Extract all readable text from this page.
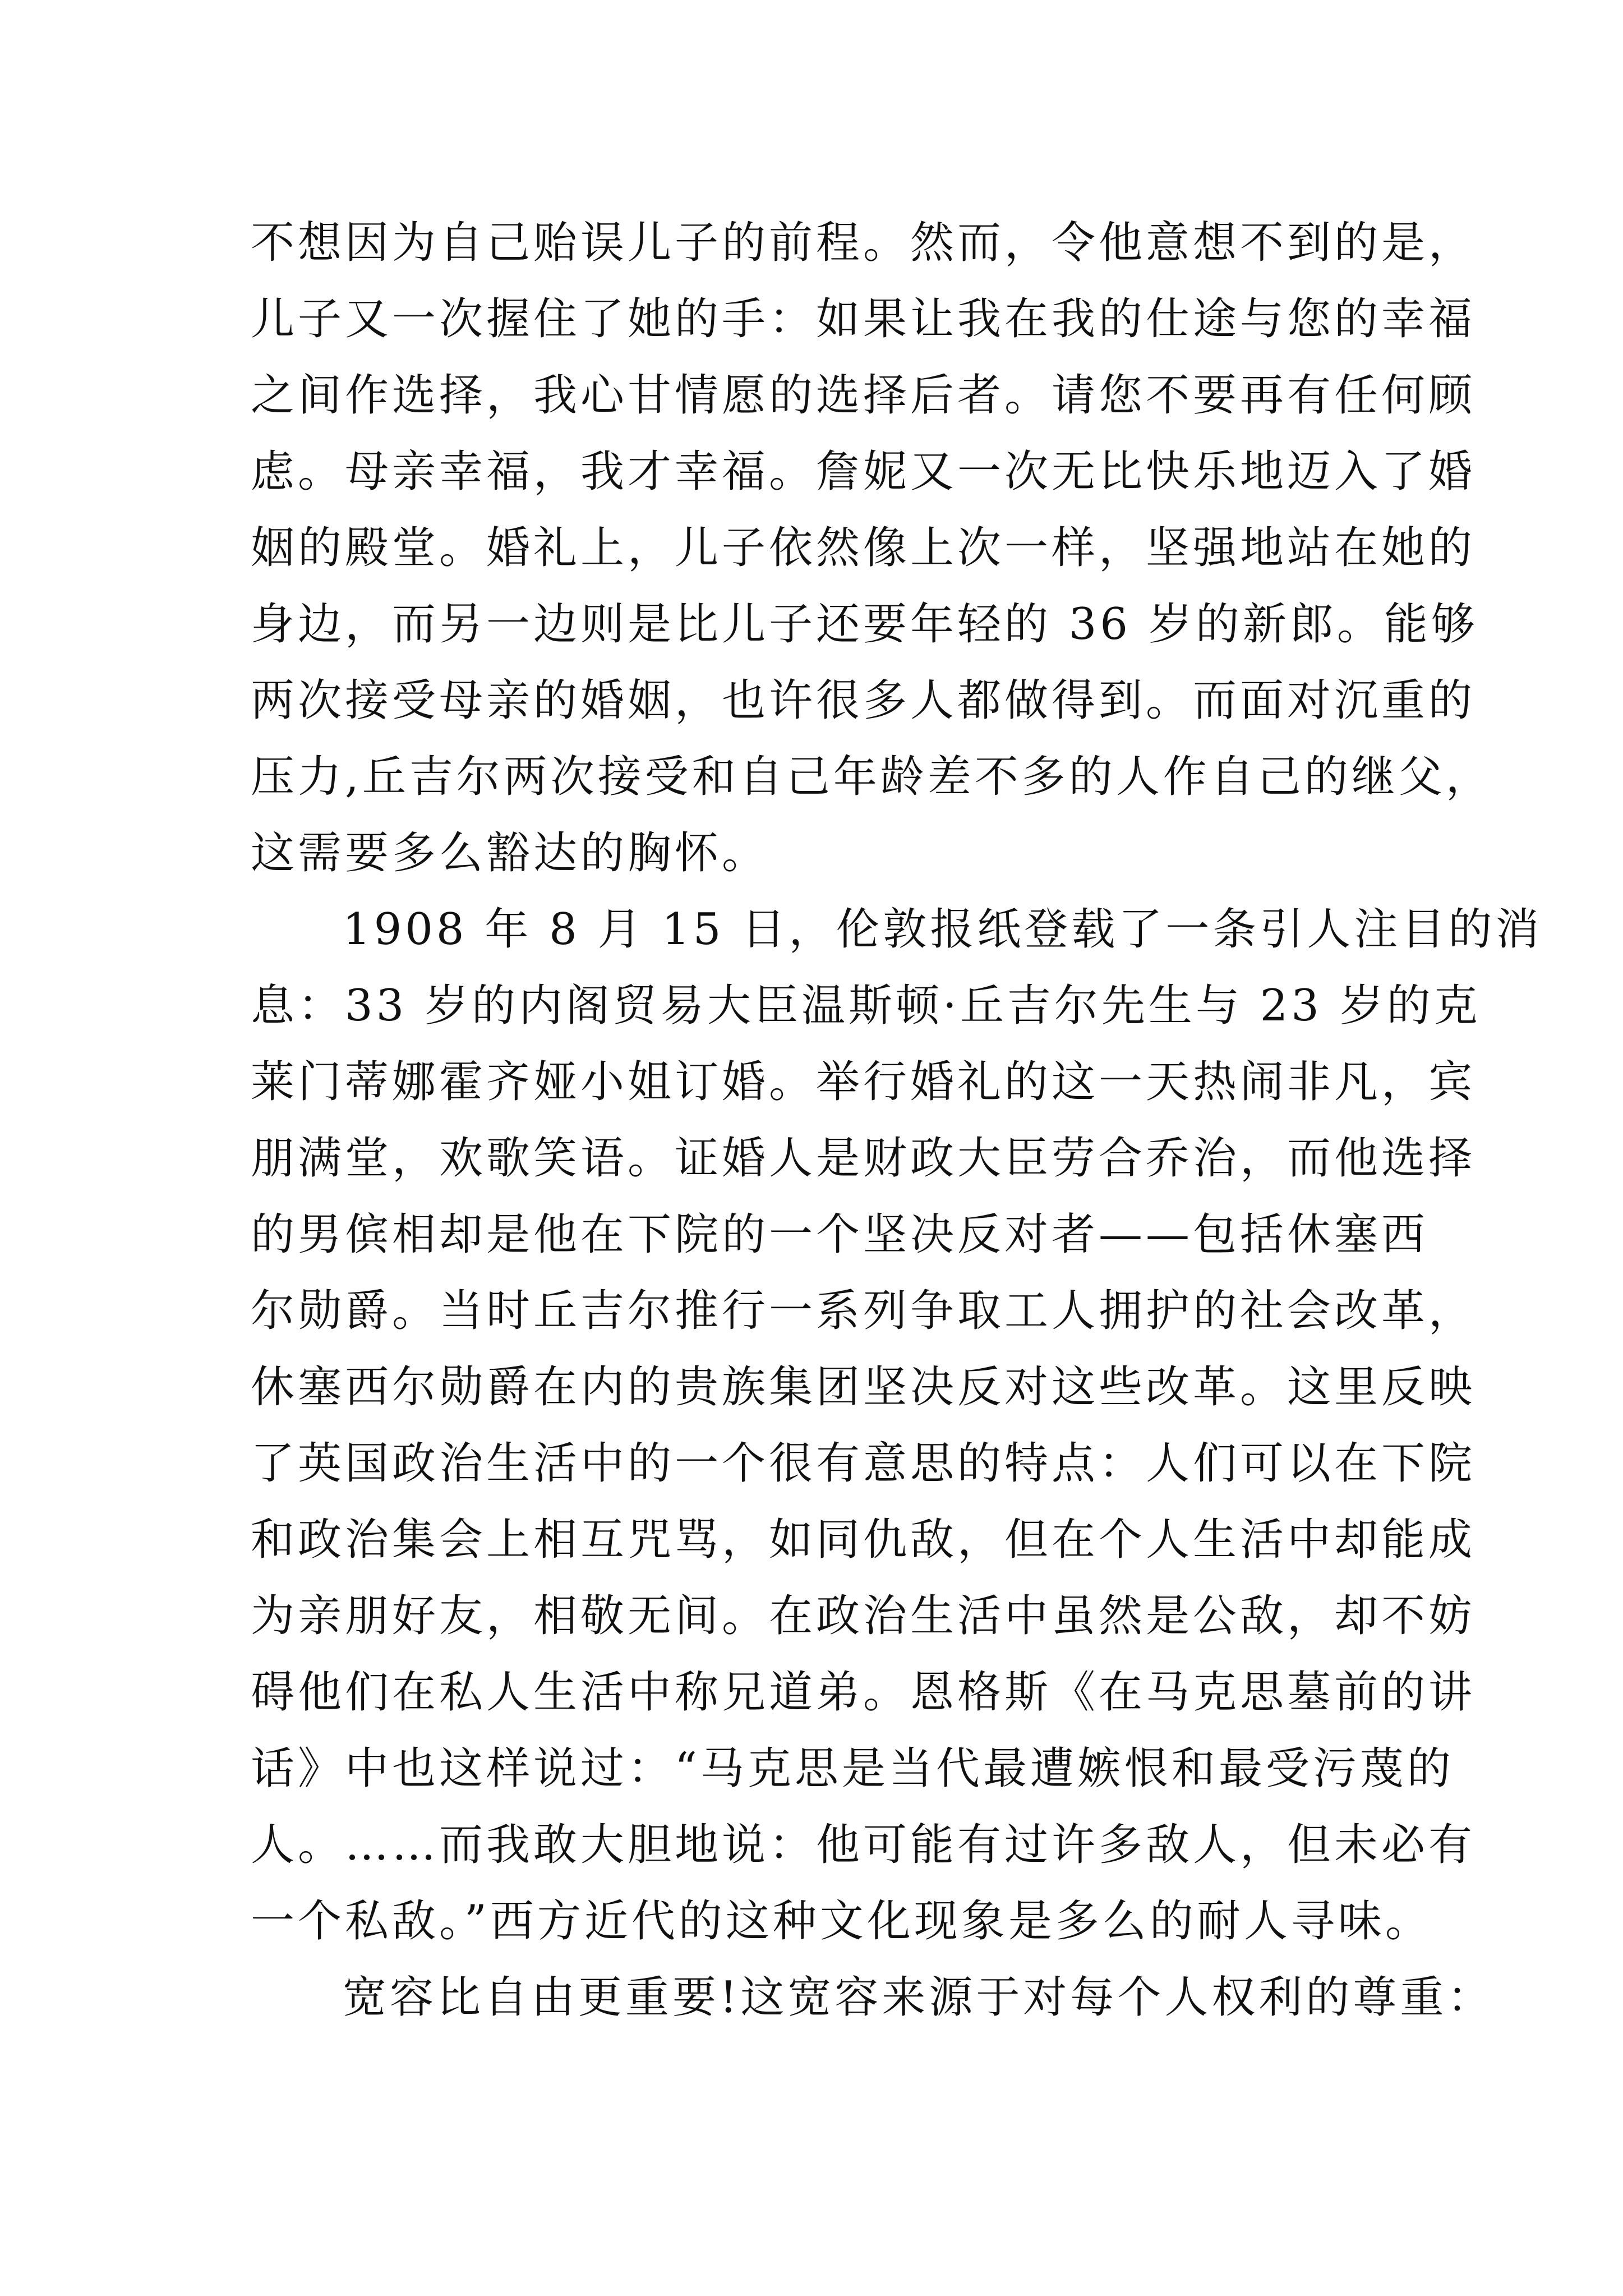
不想因为自己贻误儿子的前程。然而，令他意想不到的是，
儿子又一次握住了她的手：如果让我在我的仕途与您的幸福
之间作选择，我心甘情愿的选择后者。请您不要再有任何顾
虑。母亲幸福，我才幸福。詹妮又一次无比快乐地迈入了婚
姻的殿堂。婚礼上，儿子依然像上次一样，坚强地站在她的
身边，而另一边则是比儿子还要年轻的 36 岁的新郎。能够
两次接受母亲的婚姻，也许很多人都做得到。而面对沉重的
压力,丘吉尔两次接受和自己年龄差不多的人作自己的继父，
这需要多么豁达的胸怀。
1908 年 8 月 15 日，伦敦报纸登载了一条引人注目的消
息：33 岁的内阁贸易大臣温斯顿·丘吉尔先生与 23 岁的克
莱门蒂娜霍齐娅小姐订婚。举行婚礼的这一天热闹非凡，宾
朋满堂，欢歌笑语。证婚人是财政大臣劳合乔治，而他选择
的男傧相却是他在下院的一个坚决反对者——包括休塞西
尔勋爵。当时丘吉尔推行一系列争取工人拥护的社会改革，
休塞西尔勋爵在内的贵族集团坚决反对这些改革。这里反映
了英国政治生活中的一个很有意思的特点：人们可以在下院
和政治集会上相互咒骂，如同仇敌，但在个人生活中却能成
为亲朋好友，相敬无间。在政治生活中虽然是公敌，却不妨
碍他们在私人生活中称兄道弟。恩格斯《在马克思墓前的讲
话》中也这样说过：“马克思是当代最遭嫉恨和最受污蔑的
人。……而我敢大胆地说：他可能有过许多敌人，但未必有
一个私敌。”西方近代的这种文化现象是多么的耐人寻味。
宽容比自由更重要!这宽容来源于对每个人权利的尊重：
